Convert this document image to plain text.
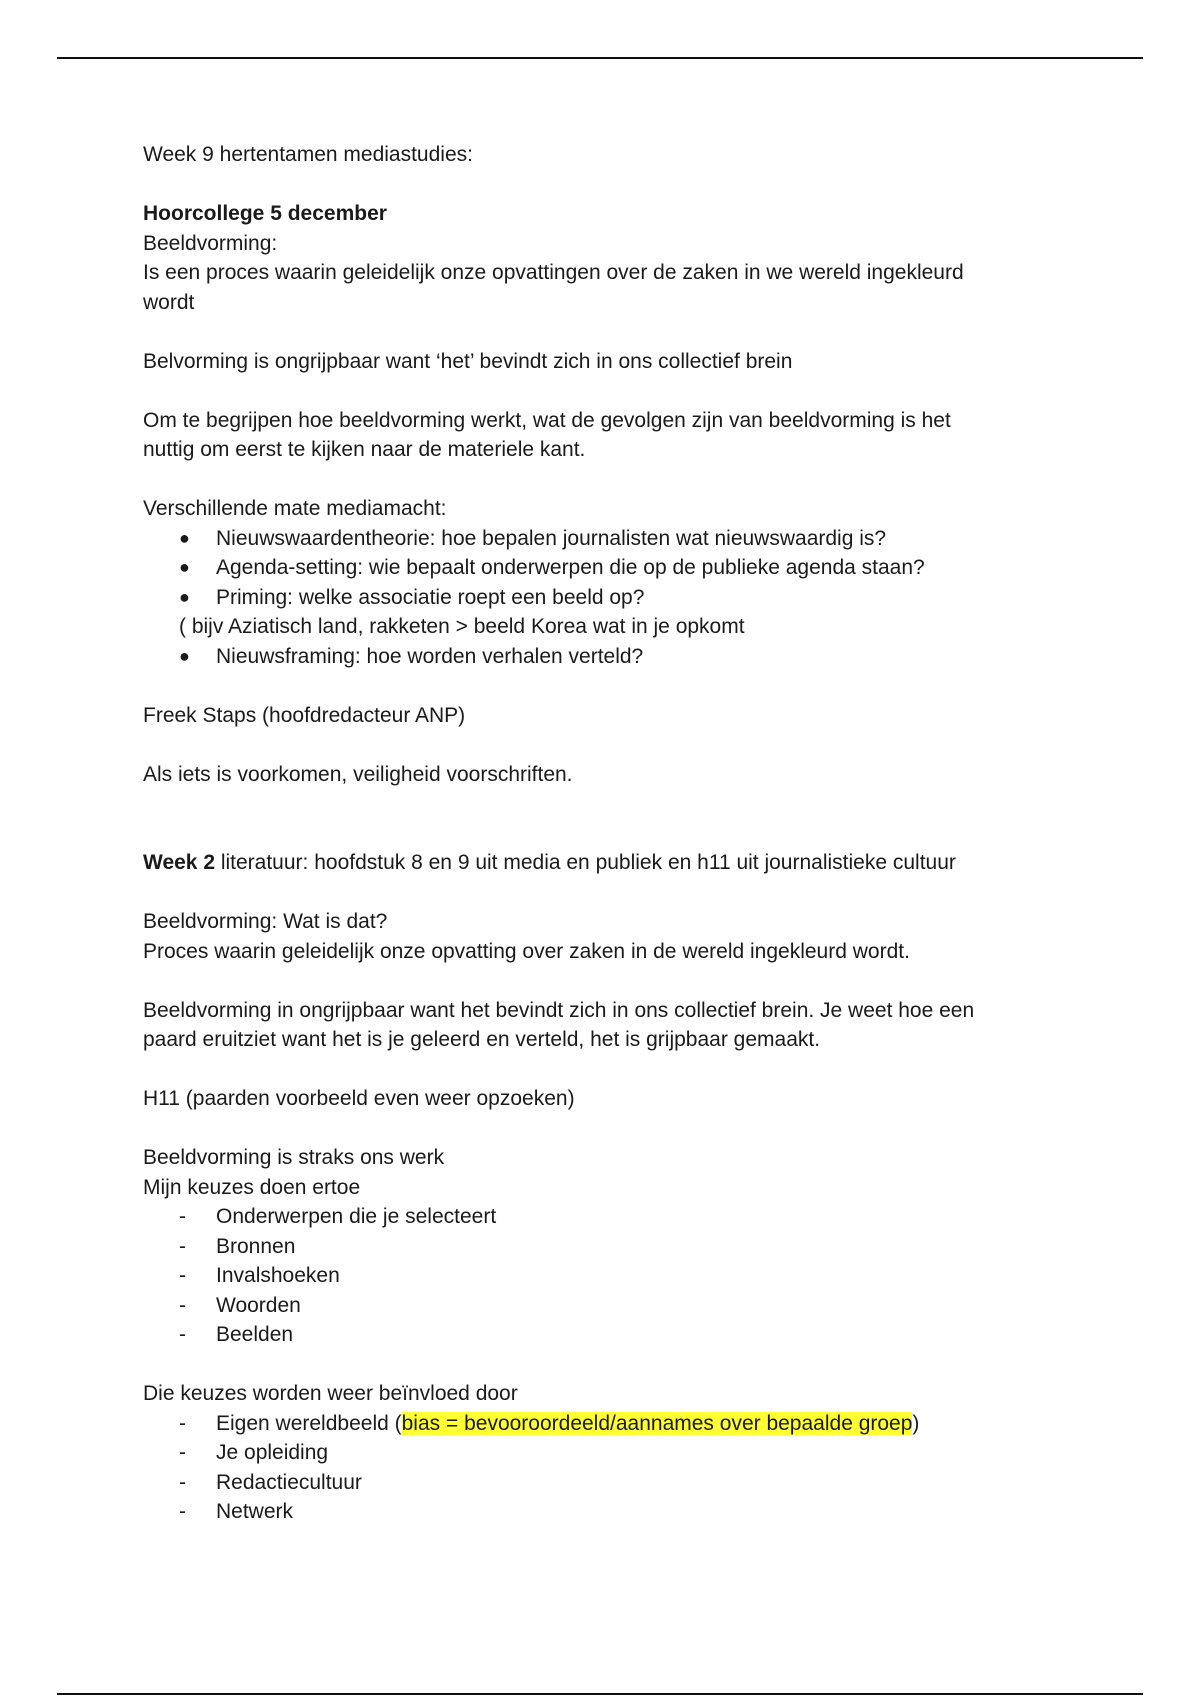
Week 9 hertentamen mediastudies:

Hoorcollege 5 december

Beeldvorming:

Is een proces waarin geleidelijk onze opvattingen over de zaken in we wereld ingekleurd

wordt

Belvorming is ongrijpbaar want ‘het’ bevindt zich in ons collectief brein

Om te begrijpen hoe beeldvorming werkt, wat de gevolgen zijn van beeldvorming is het

nuttig om eerst te kijken naar de materiele kant.

Verschillende mate mediamacht:

● Nieuwswaardentheorie: hoe bepalen journalisten wat nieuwswaardig is?
● Agenda-setting: wie bepaalt onderwerpen die op de publieke agenda staan?
● Priming: welke associatie roept een beeld op?

( bijv Aziatisch land, rakketen > beeld Korea wat in je opkomt

● Nieuwsframing: hoe worden verhalen verteld?

Freek Staps (hoofdredacteur ANP)

Als iets is voorkomen, veiligheid voorschriften.

Week 2 literatuur: hoofdstuk 8 en 9 uit media en publiek en h11 uit journalistieke cultuur

Beeldvorming: Wat is dat?

Proces waarin geleidelijk onze opvatting over zaken in de wereld ingekleurd wordt.

Beeldvorming in ongrijpbaar want het bevindt zich in ons collectief brein. Je weet hoe een

paard eruitziet want het is je geleerd en verteld, het is grijpbaar gemaakt.

H11 (paarden voorbeeld even weer opzoeken)

Beeldvorming is straks ons werk

Mijn keuzes doen ertoe

- Onderwerpen die je selecteert
- Bronnen
- Invalshoeken
- Woorden
- Beelden

Die keuzes worden weer beïnvloed door

- Eigen wereldbeeld (bias = bevooroordeeld/aannames over bepaalde groep)
- Je opleiding
- Redactiecultuur
- Netwerk
